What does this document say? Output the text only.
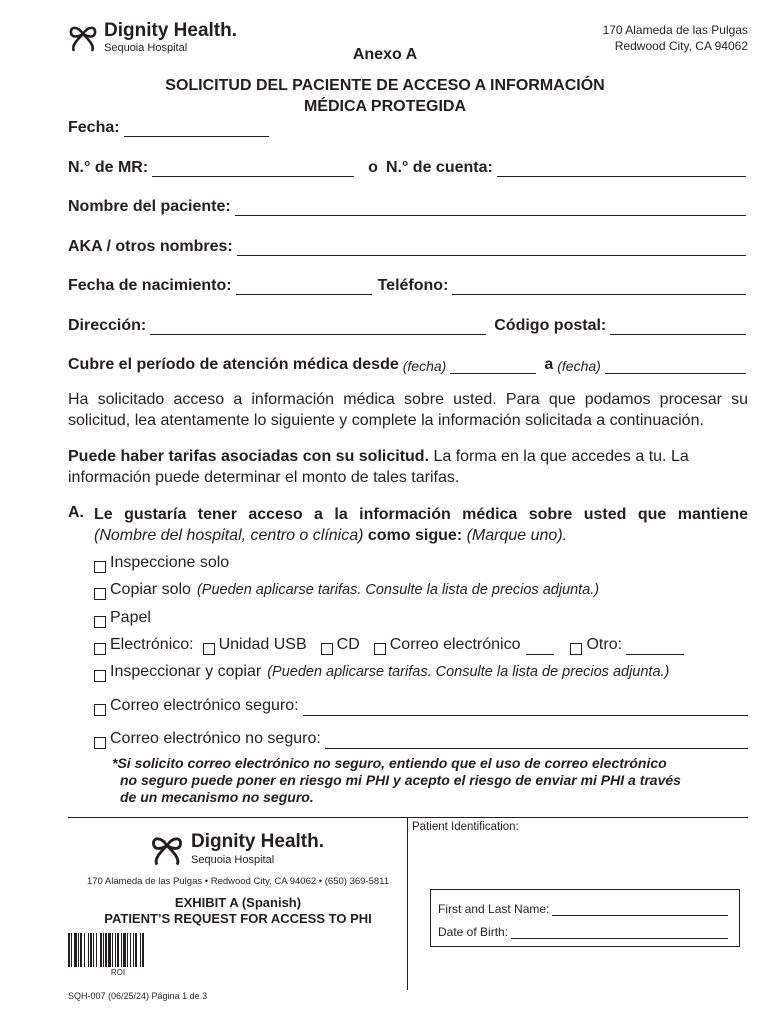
Dignity Health.
Sequoia Hospital
170 Alameda de las Pulgas
Redwood City, CA 94062
Anexo A
SOLICITUD DEL PACIENTE DE ACCESO A INFORMACIÓN
MÉDICA PROTEGIDA
Fecha:
N.° de MR:	o N.° de cuenta:
Nombre del paciente:
AKA / otros nombres:
Fecha de nacimiento:	Teléfono:
Dirección:	Código postal:
Cubre el período de atención médica desde (fecha)	a (fecha)
Ha solicitado acceso a información médica sobre usted. Para que podamos procesar su solicitud, lea atentamente lo siguiente y complete la información solicitada a continuación.
Puede haber tarifas asociadas con su solicitud. La forma en la que accedes a tu. La información puede determinar el monto de tales tarifas.
A. Le gustaría tener acceso a la información médica sobre usted que mantiene
(Nombre del hospital, centro o clínica) como sigue: (Marque uno).
Inspeccione solo
Copiar solo (Pueden aplicarse tarifas. Consulte la lista de precios adjunta.)
Papel
Electrónico: Unidad USB CD Correo electrónico	Otro:
Inspeccionar y copiar (Pueden aplicarse tarifas. Consulte la lista de precios adjunta.)
Correo electrónico seguro:
Correo electrónico no seguro:
*Si solicito correo electrónico no seguro, entiendo que el uso de correo electrónico
no seguro puede poner en riesgo mi PHI y acepto el riesgo de enviar mi PHI a través
de un mecanismo no seguro.
Patient Identification:
Dignity Health.
Sequoia Hospital
170 Alameda de las Pulgas • Redwood City, CA 94062 • (650) 369-5811
EXHIBIT A (Spanish)
PATIENT’S REQUEST FOR ACCESS TO PHI
First and Last Name:
Date of Birth:
ROI
SQH-007 (06/25/24) Página 1 de 3
